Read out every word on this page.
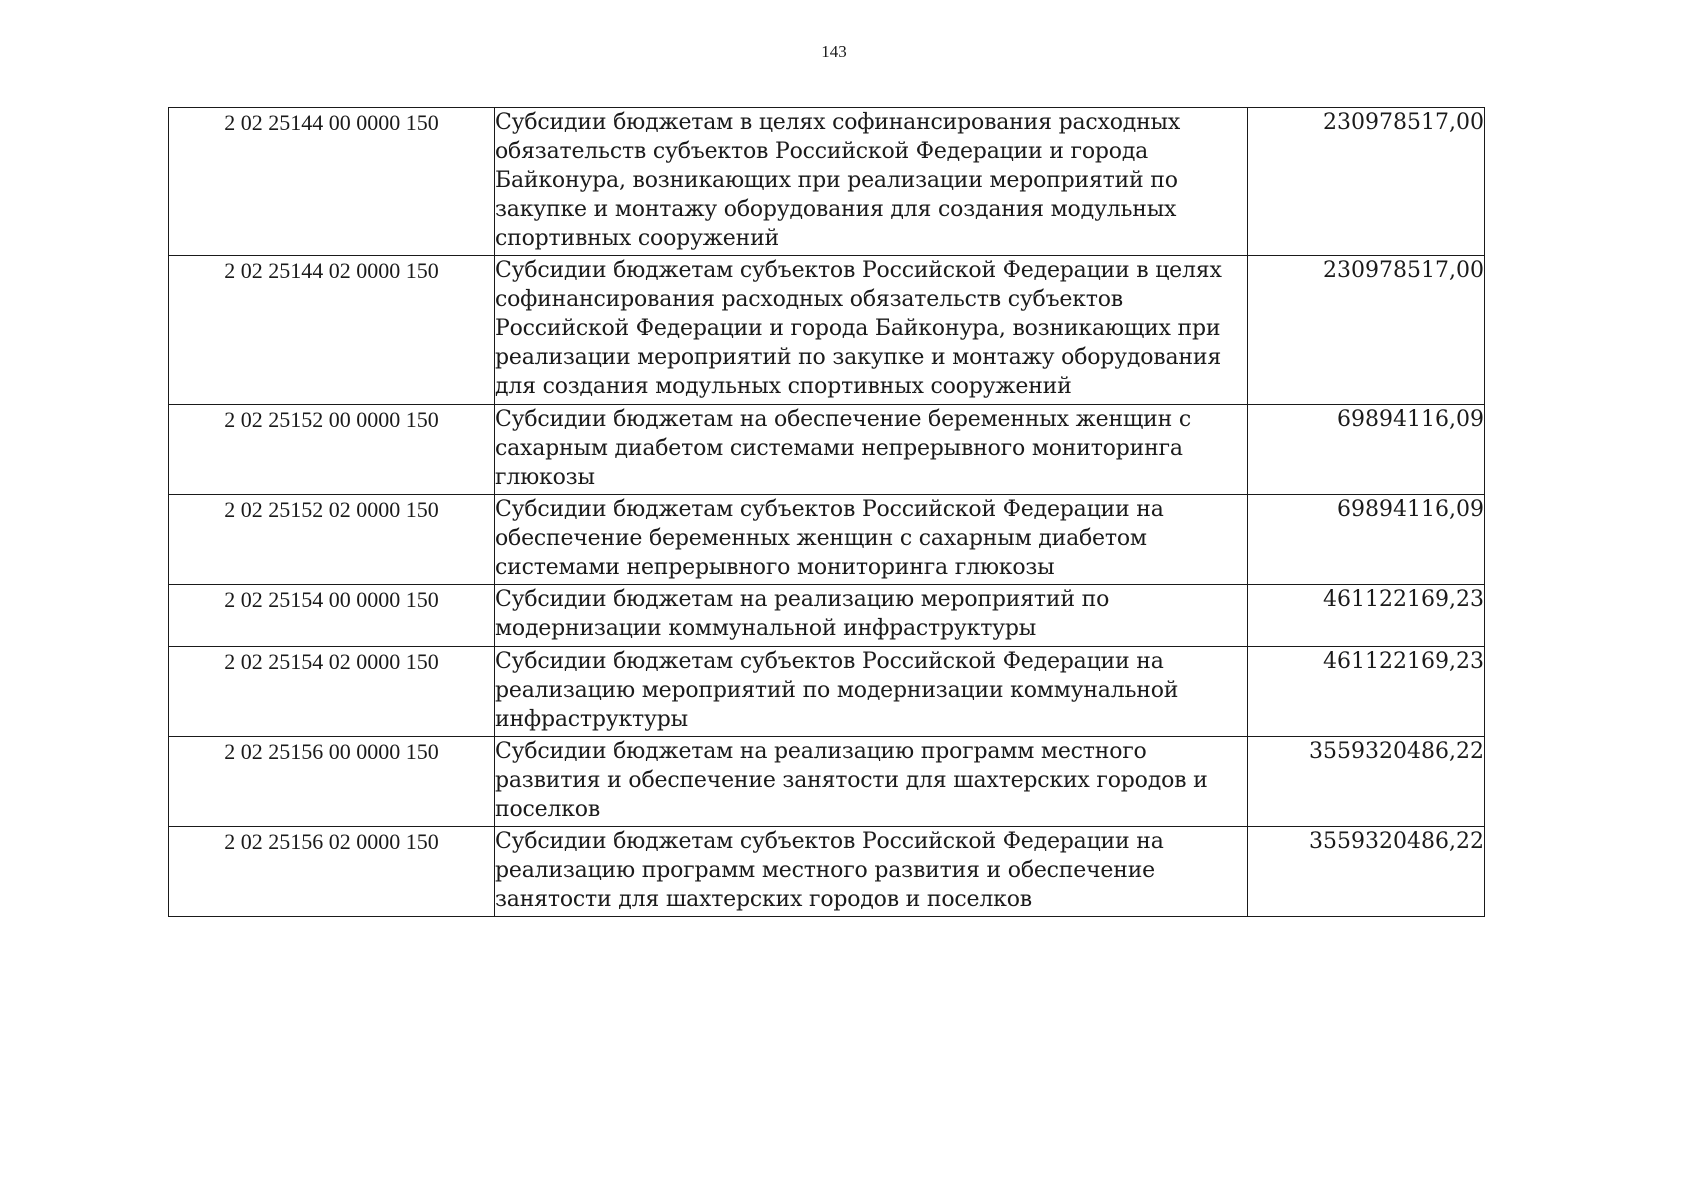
143
2 02 25144 00 0000 150	Субсидии бюджетам в целях софинансирования расходных обязательств субъектов Российской Федерации и города Байконура, возникающих при реализации мероприятий по закупке и монтажу оборудования для создания модульных спортивных сооружений	230978517,00
2 02 25144 02 0000 150	Субсидии бюджетам субъектов Российской Федерации в целях софинансирования расходных обязательств субъектов Российской Федерации и города Байконура, возникающих при реализации мероприятий по закупке и монтажу оборудования для создания модульных спортивных сооружений	230978517,00
2 02 25152 00 0000 150	Субсидии бюджетам на обеспечение беременных женщин с сахарным диабетом системами непрерывного мониторинга глюкозы	69894116,09
2 02 25152 02 0000 150	Субсидии бюджетам субъектов Российской Федерации на обеспечение беременных женщин с сахарным диабетом системами непрерывного мониторинга глюкозы	69894116,09
2 02 25154 00 0000 150	Субсидии бюджетам на реализацию мероприятий по модернизации коммунальной инфраструктуры	461122169,23
2 02 25154 02 0000 150	Субсидии бюджетам субъектов Российской Федерации на реализацию мероприятий по модернизации коммунальной инфраструктуры	461122169,23
2 02 25156 00 0000 150	Субсидии бюджетам на реализацию программ местного развития и обеспечение занятости для шахтерских городов и поселков	3559320486,22
2 02 25156 02 0000 150	Субсидии бюджетам субъектов Российской Федерации на реализацию программ местного развития и обеспечение занятости для шахтерских городов и поселков	3559320486,22
